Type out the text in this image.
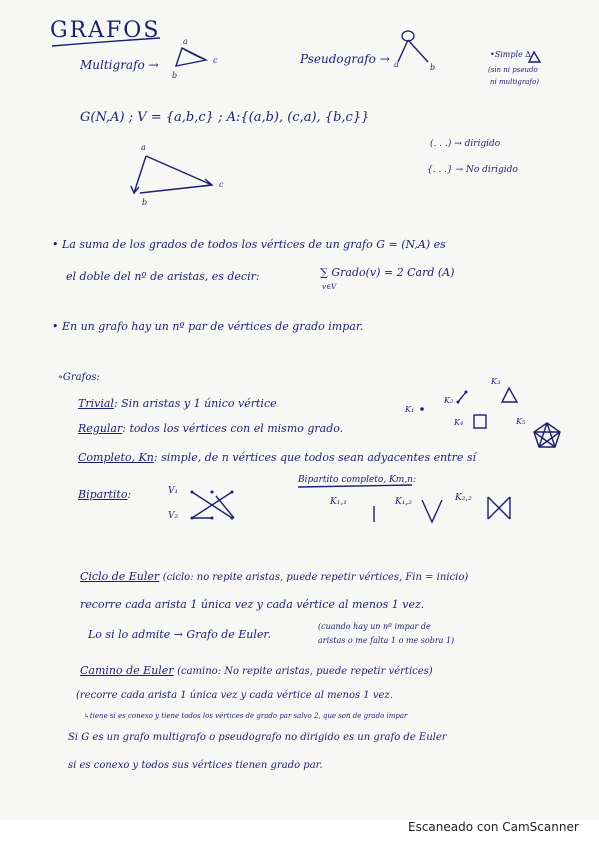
GRAFOS
Multigrafo →
a
b
c	Pseudografo → a	b
•Simple ∆
(sin ni pseudo
ni multigrafo)
G(N,A) ; V = {a,b,c} ; A:{(a,b), (c,a), {b,c}}
(. . .) → dirigido
{. . .} → No dirigido
a
b
c
• La suma de los grados de todos los vértices de un grafo G = (N,A) es
el doble del nº de aristas, es decir:	∑ Grado(v) = 2 Card (A)
v∈V
• En un grafo hay un nº par de vértices de grado impar.
∘Grafos:
Trivial: Sin aristas y 1 único vértice
Regular: todos los vértices con el mismo grado.
Completo, Kn: simple, de n vértices que todos sean adyacentes entre sí
Bipartito:	V₁
V₂
Bipartito completo, Km,n:
K₁,₁	K₁,₂	K₂,₂
K₁
K₂
K₃
K₄	K₅
Ciclo de Euler (ciclo: no repite aristas, puede repetir vértices, Fin = inicio)
recorre cada arista 1 única vez y cada vértice al menos 1 vez.
Lo si lo admite → Grafo de Euler.
(cuando hay un nº impar de
aristas o me falta 1 o me sobra 1)
Camino de Euler (camino: No repite aristas, puede repetir vértices)
(recorre cada arista 1 única vez y cada vértice al menos 1 vez.
↳tiene si es conexo y tiene todos los vértices de grado par salvo 2, que son de grado impar
Si G es un grafo multigrafo o pseudografo no dirigido es un grafo de Euler
si es conexo y todos sus vértices tienen grado par.
Escaneado con CamScanner
